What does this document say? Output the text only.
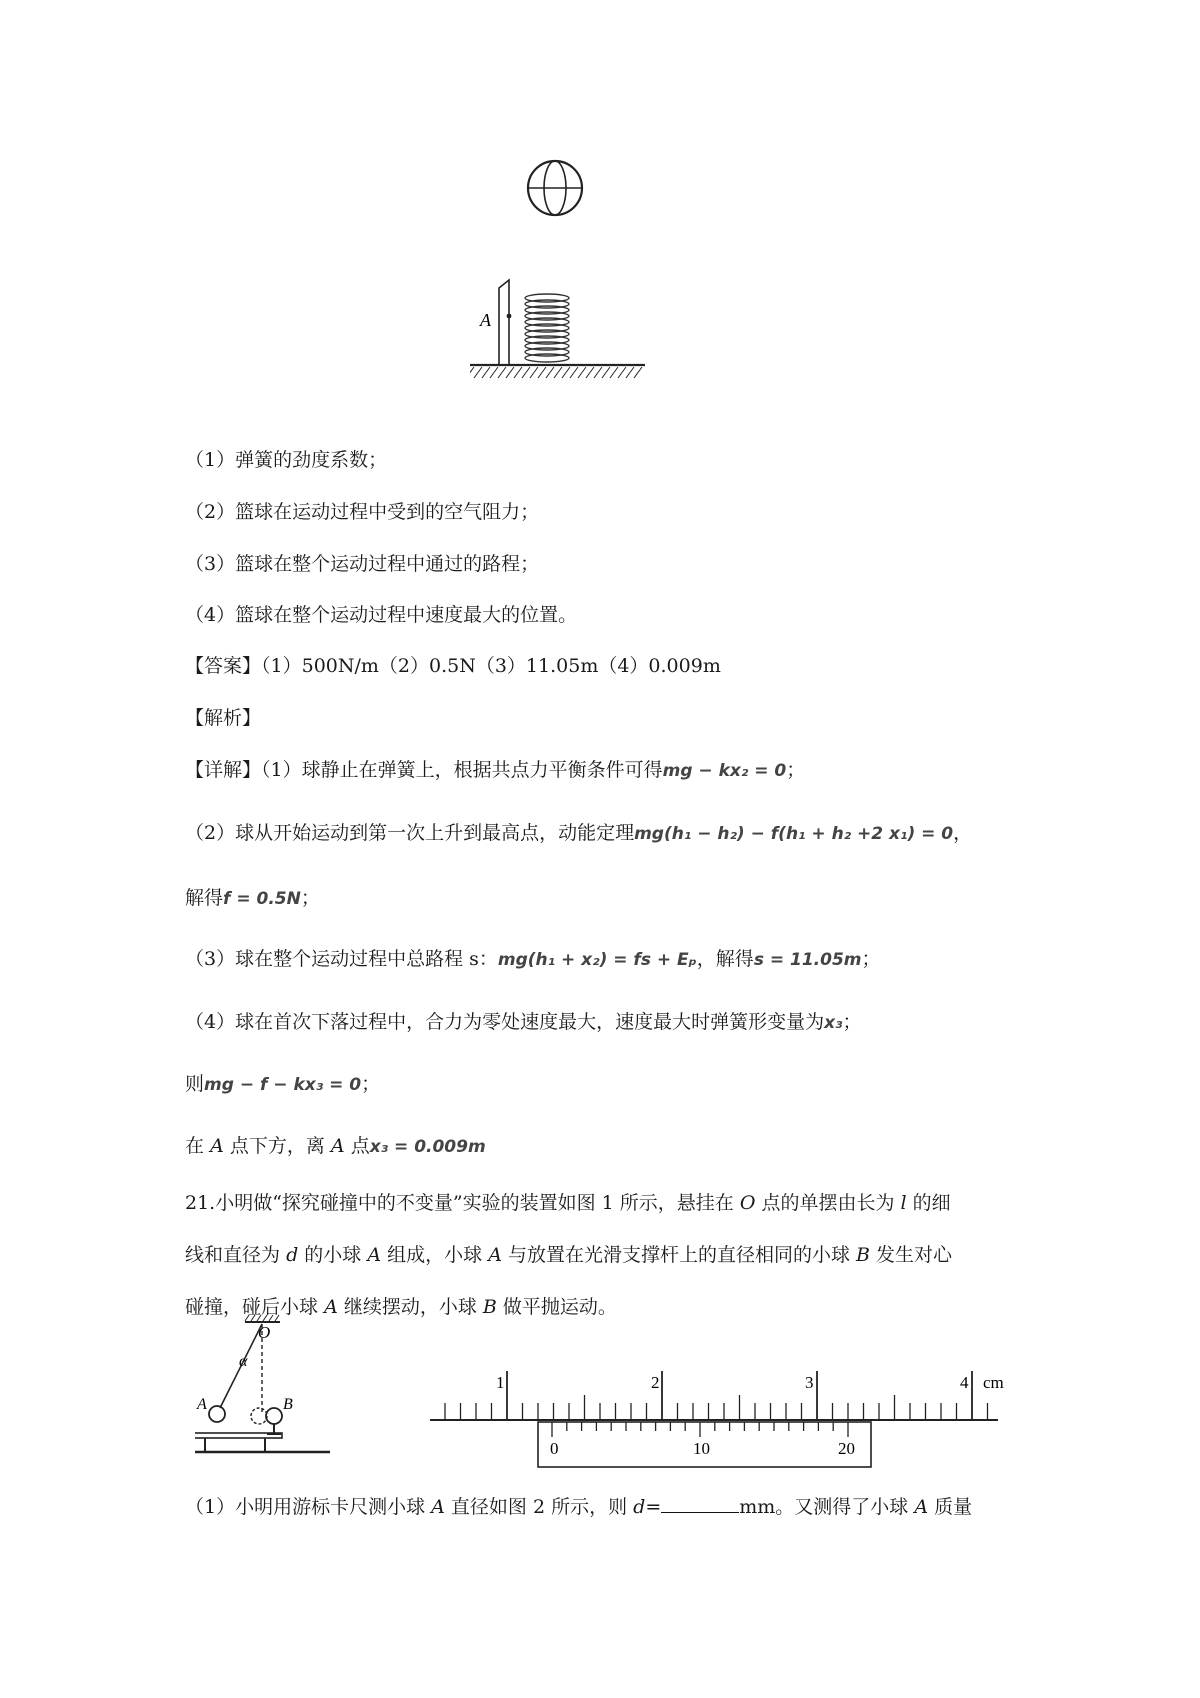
A
（1）弹簧的劲度系数；
（2）篮球在运动过程中受到的空气阻力；
（3）篮球在整个运动过程中通过的路程；
（4）篮球在整个运动过程中速度最大的位置。
【答案】（1）500N/m（2）0.5N（3）11.05m（4）0.009m
【解析】
【详解】（1）球静止在弹簧上，根据共点力平衡条件可得mg − kx₂ = 0；
（2）球从开始运动到第一次上升到最高点，动能定理mg(h₁ − h₂) − f(h₁ + h₂ +2 x₁) = 0，
解得f = 0.5N；
（3）球在整个运动过程中总路程 s：mg(h₁ + x₂) = fs + Eₚ，解得s = 11.05m；
（4）球在首次下落过程中，合力为零处速度最大，速度最大时弹簧形变量为x₃；
则mg − f − kx₃ = 0；
在 A 点下方，离 A 点x₃ = 0.009m
21.小明做“探究碰撞中的不变量”实验的装置如图 1 所示，悬挂在 O 点的单摆由长为 l 的细
线和直径为 d 的小球 A 组成，小球 A 与放置在光滑支撑杆上的直径相同的小球 B 发生对心
碰撞，碰后小球 A 继续摆动，小球 B 做平抛运动。
O
α
A	B
1	2	3	4 cm
0	10	20
（1）小明用游标卡尺测小球 A 直径如图 2 所示，则 d=	mm。又测得了小球 A 质量
